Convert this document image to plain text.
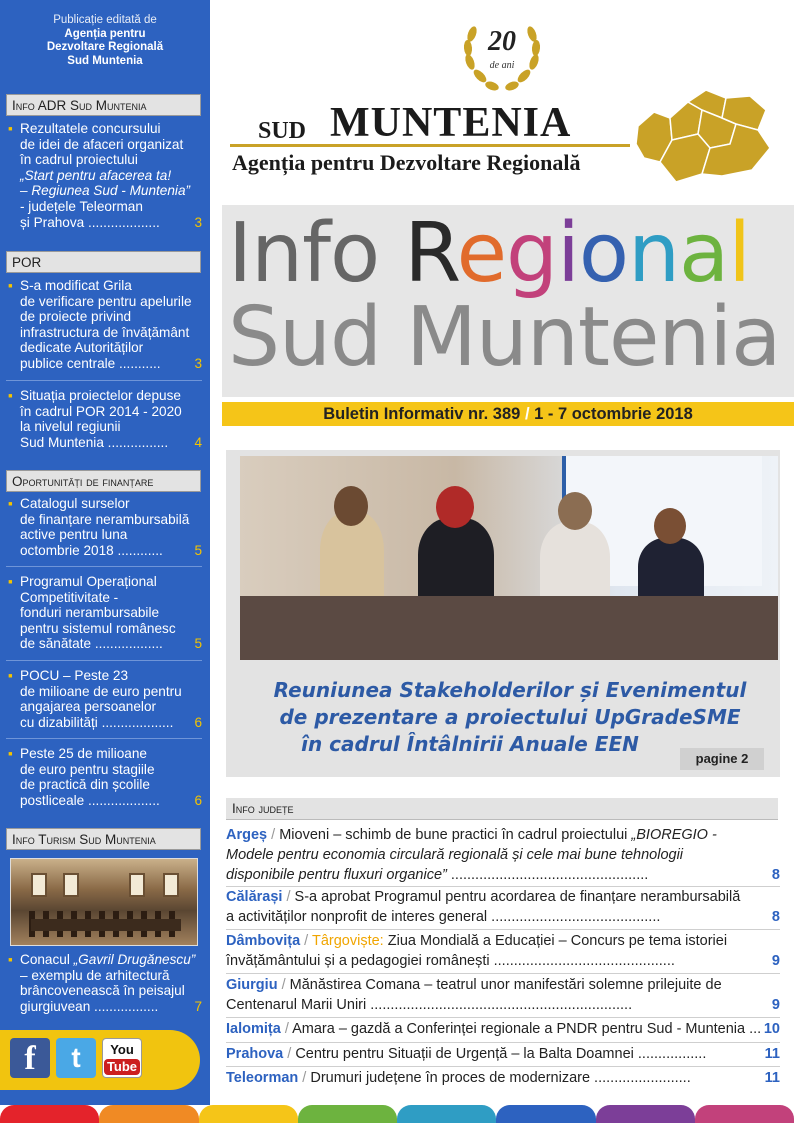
Publicație editată de
Agenția pentru
Dezvoltare Regională
Sud Muntenia
Info ADR Sud Muntenia
▪ Rezultatele concursului
de idei de afaceri organizat
în cadrul proiectului
„Start pentru afacerea ta!
– Regiunea Sud - Muntenia”
- județele Teleorman
și Prahova ...................	3
POR
▪ S-a modificat Grila
de verificare pentru apelurile
de proiecte privind
infrastructura de învățământ
dedicate Autorităților
publice centrale ........... 3
▪ Situația proiectelor depuse
în cadrul POR 2014 - 2020
la nivelul regiunii
Sud Muntenia ................ 4
Oportunități de finanțare
▪ Catalogul surselor
de finanțare nerambursabilă
active pentru luna
octombrie 2018 ............ 5
▪ Programul Operațional
Competitivitate -
fonduri nerambursabile
pentru sistemul românesc
de sănătate .................. 5
▪ POCU – Peste 23
de milioane de euro pentru
angajarea persoanelor
cu dizabilități ................... 6
▪ Peste 25 de milioane
de euro pentru stagiile
de practică din școlile
postliceale ...................	6
Info Turism Sud Muntenia
▪ Conacul „Gavril Drugănescu”
– exemplu de arhitectură
brâncovenească în peisajul
giurgiuvean .................	7
f	t	You
Tube
20
de ani
SUD MUNTENIA
Agenția pentru Dezvoltare Regională
Info Regional
Sud Muntenia
Buletin Informativ nr. 389 / 1 - 7 octombrie 2018
Reuniunea Stakeholderilor și Evenimentul
de prezentare a proiectului UpGradeSME
în cadrul Întâlnirii Anuale EEN
pagine 2
Info județe
Argeș / Mioveni – schimb de bune practici în cadrul proiectului „BIOREGIO -
Modele pentru economia circulară regională și cele mai bune tehnologii
disponibile pentru fluxuri organice” .................................................	8
Călărași / S-a aprobat Programul pentru acordarea de finanțare nerambursabilă
a activităților nonprofit de interes general ..........................................	8
Dâmbovița / Târgoviște: Ziua Mondială a Educației – Concurs pe tema istoriei
învățământului și a pedagogiei românești .............................................	9
Giurgiu / Mănăstirea Comana – teatrul unor manifestări solemne prilejuite de
Centenarul Marii Uniri .................................................................	9
Ialomița / Amara – gazdă a Conferinței regionale a PNDR pentru Sud - Muntenia ... 10
Prahova / Centru pentru Situații de Urgență – la Balta Doamnei .................	11
Teleorman / Drumuri județene în proces de modernizare ........................	11
